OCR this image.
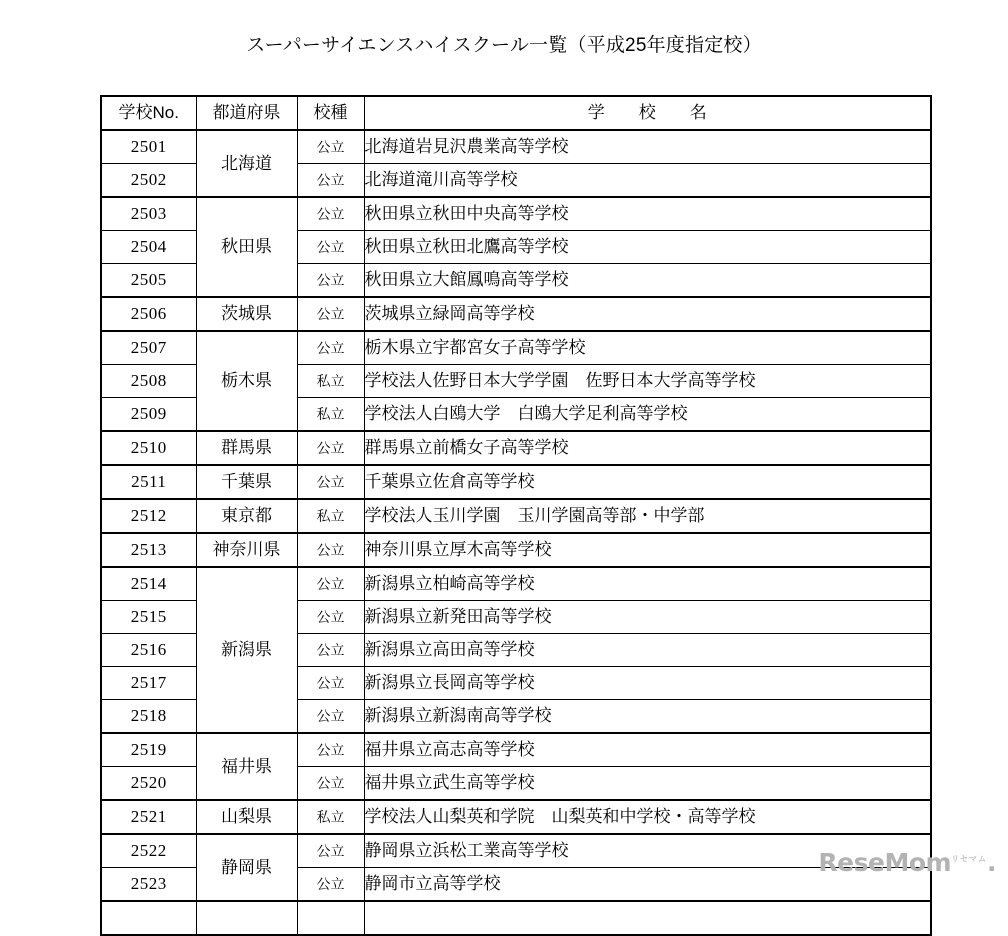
スーパーサイエンスハイスクール一覧（平成25年度指定校）
学校No.	都道府県	校種	学　校　名
2501	北海道	公立	北海道岩見沢農業高等学校
2502		公立	北海道滝川高等学校
2503	秋田県	公立	秋田県立秋田中央高等学校
2504		公立	秋田県立秋田北鷹高等学校
2505		公立	秋田県立大館鳳鳴高等学校
2506	茨城県	公立	茨城県立緑岡高等学校
2507	栃木県	公立	栃木県立宇都宮女子高等学校
2508		私立	学校法人佐野日本大学学園　佐野日本大学高等学校
2509		私立	学校法人白鴎大学　白鴎大学足利高等学校
2510	群馬県	公立	群馬県立前橋女子高等学校
2511	千葉県	公立	千葉県立佐倉高等学校
2512	東京都	私立	学校法人玉川学園　玉川学園高等部・中学部
2513	神奈川県	公立	神奈川県立厚木高等学校
2514	新潟県	公立	新潟県立柏崎高等学校
2515		公立	新潟県立新発田高等学校
2516		公立	新潟県立高田高等学校
2517		公立	新潟県立長岡高等学校
2518		公立	新潟県立新潟南高等学校
2519	福井県	公立	福井県立高志高等学校
2520		公立	福井県立武生高等学校
2521	山梨県	私立	学校法人山梨英和学院　山梨英和中学校・高等学校
2522	静岡県	公立	静岡県立浜松工業高等学校
2523		公立	静岡市立高等学校

ReseMom$^{リセマム}$.
